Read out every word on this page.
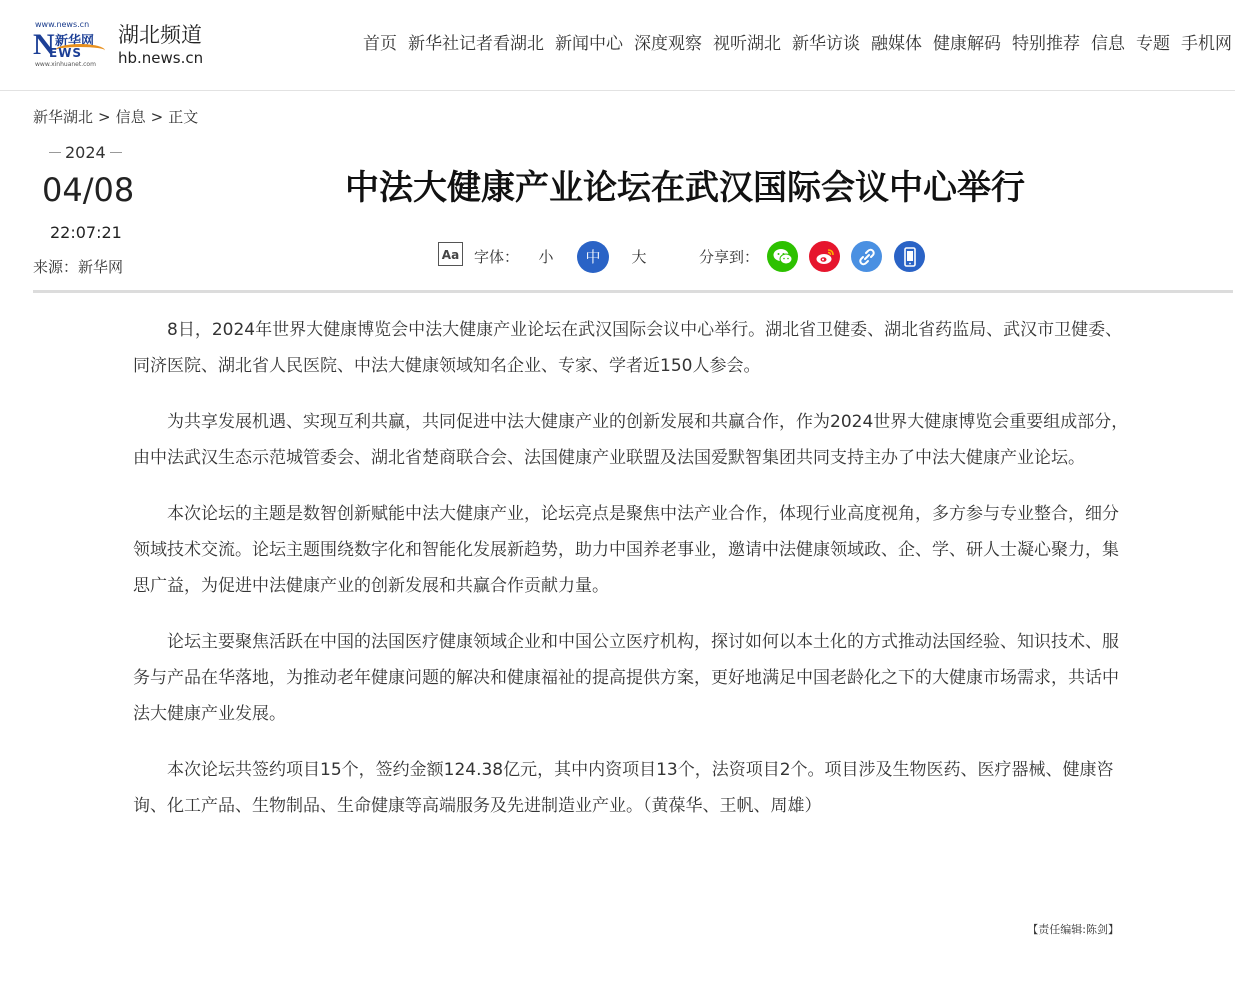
www.news.cn
N 新华网
EWS
www.xinhuanet.com
湖北频道
hb.news.cn
首页 新华社记者看湖北 新闻中心 深度观察 视听湖北 新华访谈 融媒体 健康解码 特别推荐 信息 专题 手机网
新华湖北 > 信息 > 正文
2024
04/08
22:07:21
来源：新华网
中法大健康产业论坛在武汉国际会议中心举行
Aa 字体：	小	中	大	分享到：

8日，2024年世界大健康博览会中法大健康产业论坛在武汉国际会议中心举行。湖北省卫健委、湖北省药监局、武汉市卫健委、同济医院、湖北省人民医院、中法大健康领域知名企业、专家、学者近150人参会。

为共享发展机遇、实现互利共赢，共同促进中法大健康产业的创新发展和共赢合作，作为2024世界大健康博览会重要组成部分，由中法武汉生态示范城管委会、湖北省楚商联合会、法国健康产业联盟及法国爱默智集团共同支持主办了中法大健康产业论坛。

本次论坛的主题是数智创新赋能中法大健康产业，论坛亮点是聚焦中法产业合作，体现行业高度视角，多方参与专业整合，细分领域技术交流。论坛主题围绕数字化和智能化发展新趋势，助力中国养老事业，邀请中法健康领域政、企、学、研人士凝心聚力，集思广益，为促进中法健康产业的创新发展和共赢合作贡献力量。

论坛主要聚焦活跃在中国的法国医疗健康领域企业和中国公立医疗机构，探讨如何以本土化的方式推动法国经验、知识技术、服务与产品在华落地，为推动老年健康问题的解决和健康福祉的提高提供方案，更好地满足中国老龄化之下的大健康市场需求，共话中法大健康产业发展。

本次论坛共签约项目15个，签约金额124.38亿元，其中内资项目13个，法资项目2个。项目涉及生物医药、医疗器械、健康咨询、化工产品、生物制品、生命健康等高端服务及先进制造业产业。（黄葆华、王帆、周雄）

【责任编辑:陈剑】
